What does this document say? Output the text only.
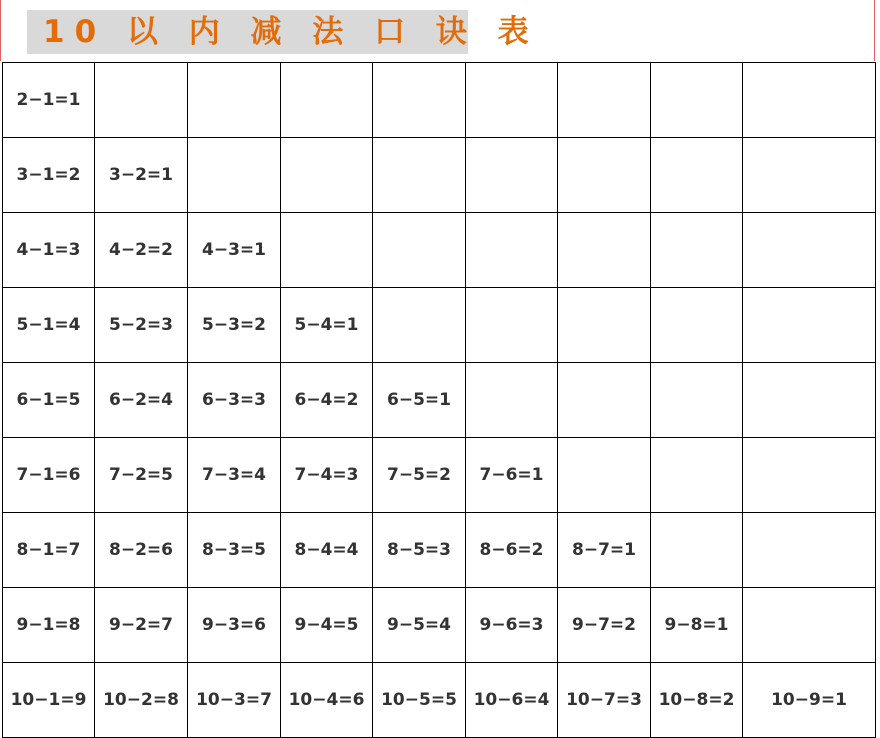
10 以 内 减 法 口 诀 表
2−1=1								
3−1=2	3−2=1							
4−1=3	4−2=2	4−3=1						
5−1=4	5−2=3	5−3=2	5−4=1					
6−1=5	6−2=4	6−3=3	6−4=2	6−5=1				
7−1=6	7−2=5	7−3=4	7−4=3	7−5=2	7−6=1			
8−1=7	8−2=6	8−3=5	8−4=4	8−5=3	8−6=2	8−7=1		
9−1=8	9−2=7	9−3=6	9−4=5	9−5=4	9−6=3	9−7=2	9−8=1	
10−1=9	10−2=8	10−3=7	10−4=6	10−5=5	10−6=4	10−7=3	10−8=2	10−9=1
